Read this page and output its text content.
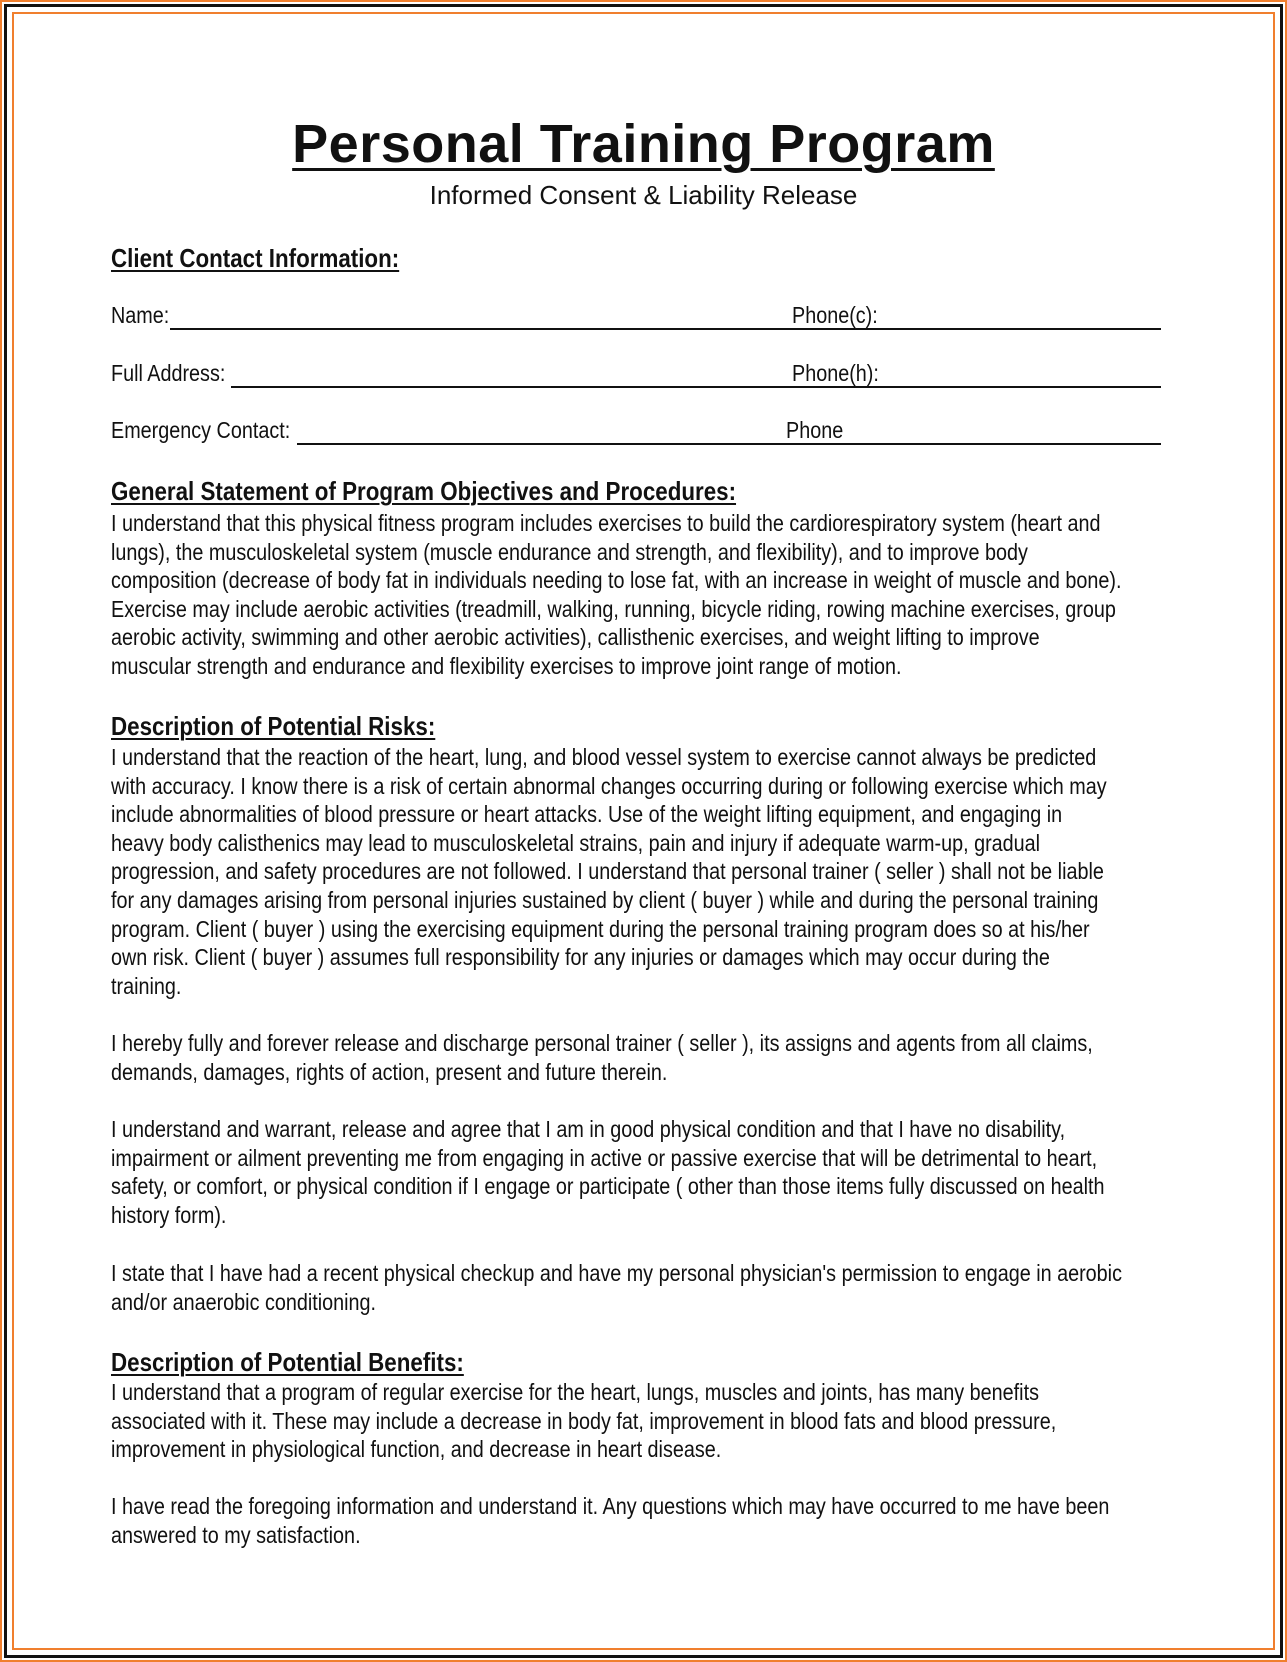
Personal Training Program
Informed Consent & Liability Release
Client Contact Information:
Name:	Phone(c):
Full Address:	Phone(h):
Emergency Contact:	Phone
General Statement of Program Objectives and Procedures:
I understand that this physical fitness program includes exercises to build the cardiorespiratory system (heart and
lungs), the musculoskeletal system (muscle endurance and strength, and flexibility), and to improve body
composition (decrease of body fat in individuals needing to lose fat, with an increase in weight of muscle and bone).
Exercise may include aerobic activities (treadmill, walking, running, bicycle riding, rowing machine exercises, group
aerobic activity, swimming and other aerobic activities), callisthenic exercises, and weight lifting to improve
muscular strength and endurance and flexibility exercises to improve joint range of motion.
Description of Potential Risks:
I understand that the reaction of the heart, lung, and blood vessel system to exercise cannot always be predicted
with accuracy. I know there is a risk of certain abnormal changes occurring during or following exercise which may
include abnormalities of blood pressure or heart attacks. Use of the weight lifting equipment, and engaging in
heavy body calisthenics may lead to musculoskeletal strains, pain and injury if adequate warm-up, gradual
progression, and safety procedures are not followed. I understand that personal trainer ( seller ) shall not be liable
for any damages arising from personal injuries sustained by client ( buyer ) while and during the personal training
program. Client ( buyer ) using the exercising equipment during the personal training program does so at his/her
own risk. Client ( buyer ) assumes full responsibility for any injuries or damages which may occur during the
training.
I hereby fully and forever release and discharge personal trainer ( seller ), its assigns and agents from all claims,
demands, damages, rights of action, present and future therein.
I understand and warrant, release and agree that I am in good physical condition and that I have no disability,
impairment or ailment preventing me from engaging in active or passive exercise that will be detrimental to heart,
safety, or comfort, or physical condition if I engage or participate ( other than those items fully discussed on health
history form).
I state that I have had a recent physical checkup and have my personal physician's permission to engage in aerobic
and/or anaerobic conditioning.
Description of Potential Benefits:
I understand that a program of regular exercise for the heart, lungs, muscles and joints, has many benefits
associated with it. These may include a decrease in body fat, improvement in blood fats and blood pressure,
improvement in physiological function, and decrease in heart disease.
I have read the foregoing information and understand it. Any questions which may have occurred to me have been
answered to my satisfaction.
